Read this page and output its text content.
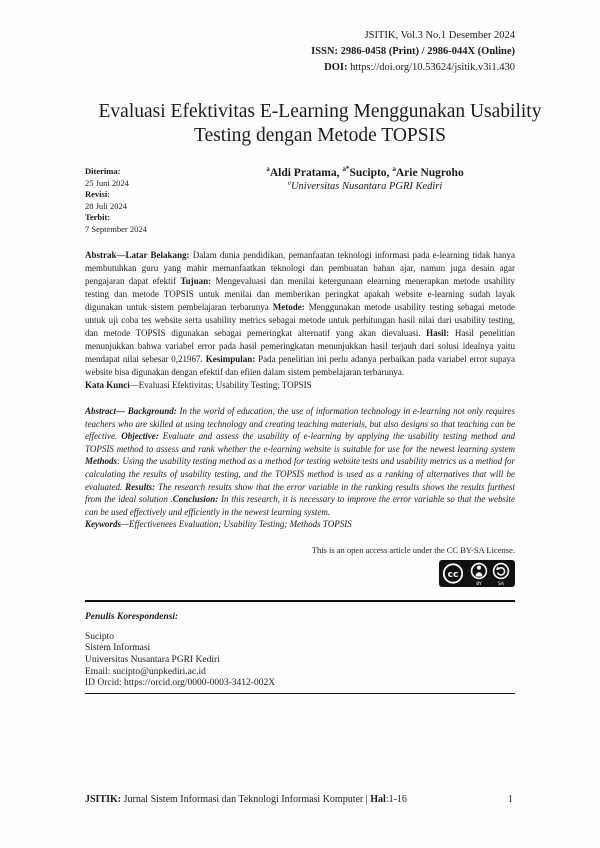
JSITIK, Vol.3 No.1 Desember 2024
ISSN: 2986-0458 (Print) / 2986-044X (Online)
DOI: https://doi.org/10.53624/jsitik.v3i1.430
Evaluasi Efektivitas E-Learning Menggunakan Usability Testing dengan Metode TOPSIS
Diterima:
25 Juni 2024
Revisi:
28 Juli 2024
Terbit:
7 September 2024
$^a$Aldi Pratama, $^{a*}$Sucipto, $^a$Arie Nugroho
$^a$Universitas Nusantara PGRI Kediri
Abstrak—Latar Belakang: Dalam dunia pendidikan, pemanfaatan teknologi informasi pada e-learning tidak hanya membutuhkan guru yang mahir memanfaatkan teknologi dan pembuatan bahan ajar, namun juga desain agar pengajaran dapat efektif Tujuan: Mengevaluasi dan menilai ketergunaan elearning menerapkan metode usability testing dan metode TOPSIS untuk menilai dan memberikan peringkat apakah website e-learning sudah layak digunakan untuk sistem pembelajaran terbarunya Metode: Menggunakan metode usability testing sebagai metode untuk uji coba tes website serta usability metrics sebagai metode untuk perhitungan hasil nilai dari usability testing, dan metode TOPSIS digunakan sebagai pemeringkat alternatif yang akan dievaluasi. Hasil: Hasil penelitian menunjukkan bahwa variabel error pada hasil pemeringkatan menunjukkan hasil terjauh dari solusi idealnya yaitu mendapat nilai sebesar 0,21967. Kesimpulan: Pada penelitian ini perlu adanya perbaikan pada variabel error supaya website bisa digunakan dengan efektif dan efiien dalam sistem pembelajaran terbarunya.
Kata Kunci—Evaluasi Efektivitas; Usability Testing; TOPSIS
Abstract— Background: In the world of education, the use of information technology in e-learning not only requires teachers who are skilled at using technology and creating teaching materials, but also designs so that teaching can be effective. Objective: Evaluate and assess the usability of e-learning by applying the usability testing method and TOPSIS method to assess and rank whether the e-learning website is suitable for use for the newest learning system Methods: Using the usability testing method as a method for testing website tests and usability metrics as a method for calculating the results of usability testing, and the TOPSIS method is used as a ranking of alternatives that will be evaluated. Results: The research results show that the error variable in the ranking results shows the results furthest from the ideal solution .Conclusion: In this research, it is necessary to improve the error variable so that the website can be used effectively and efficiently in the newest learning system.
Keywords—Effectivenees Evaluation; Usability Testing; Methods TOPSIS
This is an open access article under the CC BY-SA License.
cc
BY	SA
Penulis Korespondensi:
Sucipto
Sistem Informasi
Universitas Nusantara PGRI Kediri
Email: sucipto@unpkediri.ac.id
ID Orcid: https://orcid.org/0000-0003-3412-002X
JSITIK: Jurnal Sistem Informasi dan Teknologi Informasi Komputer | Hal:1-16	1
